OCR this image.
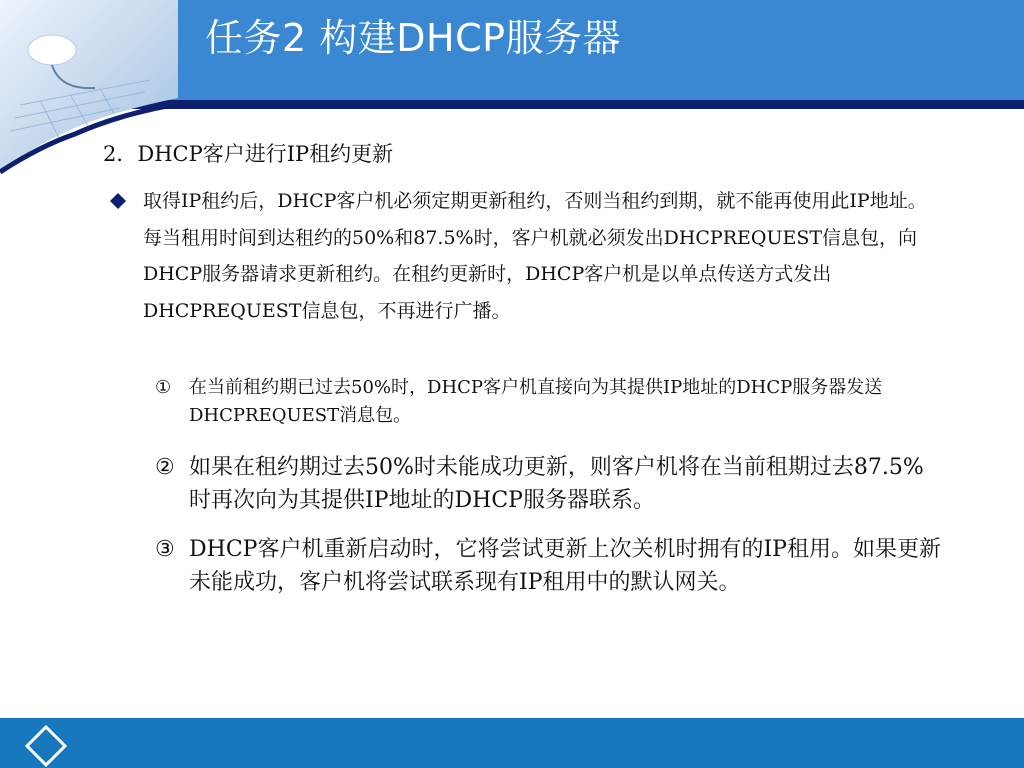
任务2 构建DHCP服务器
2．DHCP客户进行IP租约更新
取得IP租约后，DHCP客户机必须定期更新租约，否则当租约到期，就不能再使用此IP地址。每当租用时间到达租约的50%和87.5%时，客户机就必须发出DHCPREQUEST信息包，向DHCP服务器请求更新租约。在租约更新时，DHCP客户机是以单点传送方式发出DHCPREQUEST信息包，不再进行广播。
① 在当前租约期已过去50%时，DHCP客户机直接向为其提供IP地址的DHCP服务器发送DHCPREQUEST消息包。
② 如果在租约期过去50%时未能成功更新，则客户机将在当前租期过去87.5%时再次向为其提供IP地址的DHCP服务器联系。
③ DHCP客户机重新启动时，它将尝试更新上次关机时拥有的IP租用。如果更新未能成功，客户机将尝试联系现有IP租用中的默认网关。
